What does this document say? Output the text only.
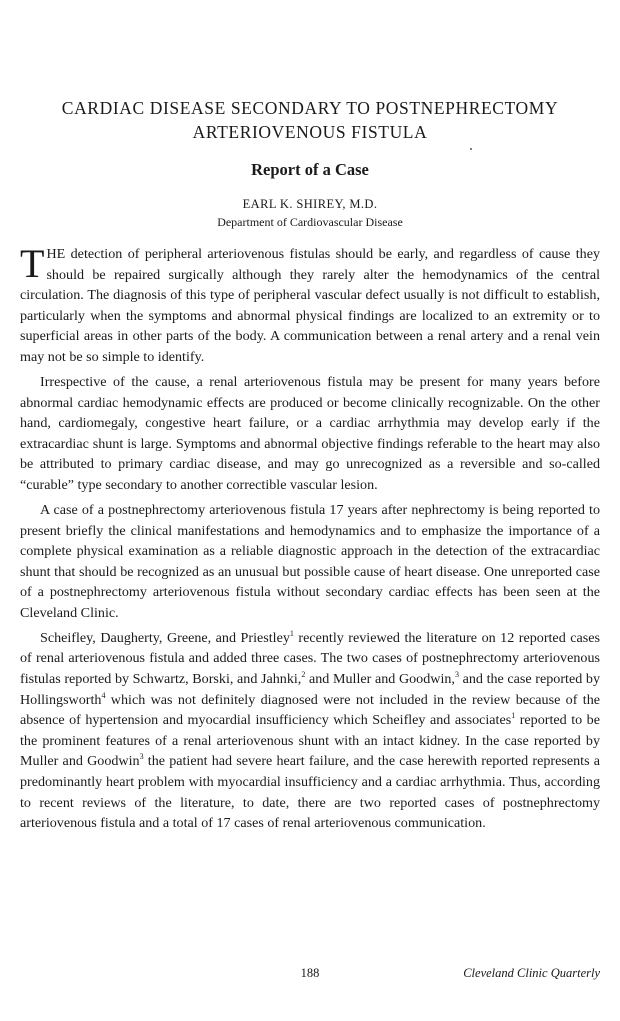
CARDIAC DISEASE SECONDARY TO POSTNEPHRECTOMY
ARTERIOVENOUS FISTULA
Report of a Case
EARL K. SHIREY, M.D.
Department of Cardiovascular Disease

THE detection of peripheral arteriovenous fistulas should be early, and regardless of cause they should be repaired surgically although they rarely alter the hemodynamics of the central circulation. The diagnosis of this type of peripheral vascular defect usually is not difficult to establish, particularly when the symptoms and abnormal physical findings are localized to an extremity or to superficial areas in other parts of the body. A communication between a renal artery and a renal vein may not be so simple to identify.

Irrespective of the cause, a renal arteriovenous fistula may be present for many years before abnormal cardiac hemodynamic effects are produced or become clinically recognizable. On the other hand, cardiomegaly, congestive heart failure, or a cardiac arrhythmia may develop early if the extracardiac shunt is large. Symptoms and abnormal objective findings referable to the heart may also be attributed to primary cardiac disease, and may go unrecognized as a reversible and so-called “curable” type secondary to another correctible vascular lesion.

A case of a postnephrectomy arteriovenous fistula 17 years after nephrectomy is being reported to present briefly the clinical manifestations and hemodynamics and to emphasize the importance of a complete physical examination as a reliable diagnostic approach in the detection of the extracardiac shunt that should be recognized as an unusual but possible cause of heart disease. One unreported case of a postnephrectomy arteriovenous fistula without secondary cardiac effects has been seen at the Cleveland Clinic.

Scheifley, Daugherty, Greene, and Priestley$^1$ recently reviewed the literature on 12 reported cases of renal arteriovenous fistula and added three cases. The two cases of postnephrectomy arteriovenous fistulas reported by Schwartz, Borski, and Jahnki,$^2$ and Muller and Goodwin,$^3$ and the case reported by Hollingsworth$^4$ which was not definitely diagnosed were not included in the review because of the absence of hypertension and myocardial insufficiency which Scheifley and associates$^1$ reported to be the prominent features of a renal arteriovenous shunt with an intact kidney. In the case reported by Muller and Goodwin$^3$ the patient had severe heart failure, and the case herewith reported represents a predominantly heart problem with myocardial insufficiency and a cardiac arrhythmia. Thus, according to recent reviews of the literature, to date, there are two reported cases of postnephrectomy arteriovenous fistula and a total of 17 cases of renal arteriovenous communication.

188	Cleveland Clinic Quarterly
